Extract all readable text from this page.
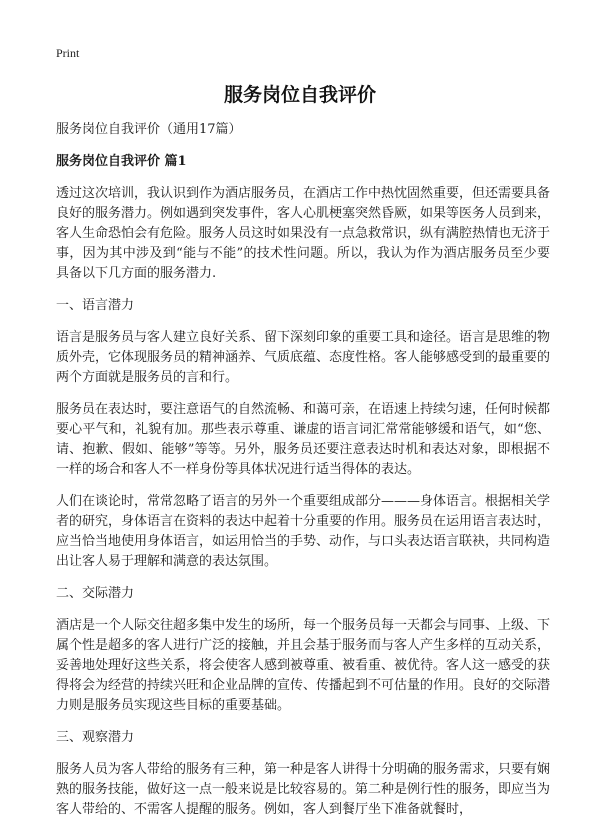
Print
服务岗位自我评价

服务岗位自我评价（通用17篇）

服务岗位自我评价 篇1

透过这次培训，我认识到作为酒店服务员，在酒店工作中热忱固然重要，但还需要具备良好的服务潜力。例如遇到突发事件，客人心肌梗塞突然昏厥，如果等医务人员到来，客人生命恐怕会有危险。服务人员这时如果没有一点急救常识，纵有满腔热情也无济于事，因为其中涉及到“能与不能”的技术性问题。所以，我认为作为酒店服务员至少要具备以下几方面的服务潜力.

一、语言潜力

语言是服务员与客人建立良好关系、留下深刻印象的重要工具和途径。语言是思维的物质外壳，它体现服务员的精神涵养、气质底蕴、态度性格。客人能够感受到的最重要的两个方面就是服务员的言和行。

服务员在表达时，要注意语气的自然流畅、和蔼可亲，在语速上持续匀速，任何时候都要心平气和，礼貌有加。那些表示尊重、谦虚的语言词汇常常能够缓和语气，如“您、请、抱歉、假如、能够”等等。另外，服务员还要注意表达时机和表达对象，即根据不一样的场合和客人不一样身份等具体状况进行适当得体的表达。

人们在谈论时，常常忽略了语言的另外一个重要组成部分———身体语言。根据相关学者的研究，身体语言在资料的表达中起着十分重要的作用。服务员在运用语言表达时，应当恰当地使用身体语言，如运用恰当的手势、动作，与口头表达语言联袂，共同构造出让客人易于理解和满意的表达氛围。

二、交际潜力

酒店是一个人际交往超多集中发生的场所，每一个服务员每一天都会与同事、上级、下属个性是超多的客人进行广泛的接触，并且会基于服务而与客人产生多样的互动关系，妥善地处理好这些关系，将会使客人感到被尊重、被看重、被优待。客人这一感受的获得将会为经营的持续兴旺和企业品牌的宣传、传播起到不可估量的作用。良好的交际潜力则是服务员实现这些目标的重要基础。

三、观察潜力

服务人员为客人带给的服务有三种，第一种是客人讲得十分明确的服务需求，只要有娴熟的服务技能，做好这一点一般来说是比较容易的。第二种是例行性的服务，即应当为客人带给的、不需客人提醒的服务。例如，客人到餐厅坐下准备就餐时，
